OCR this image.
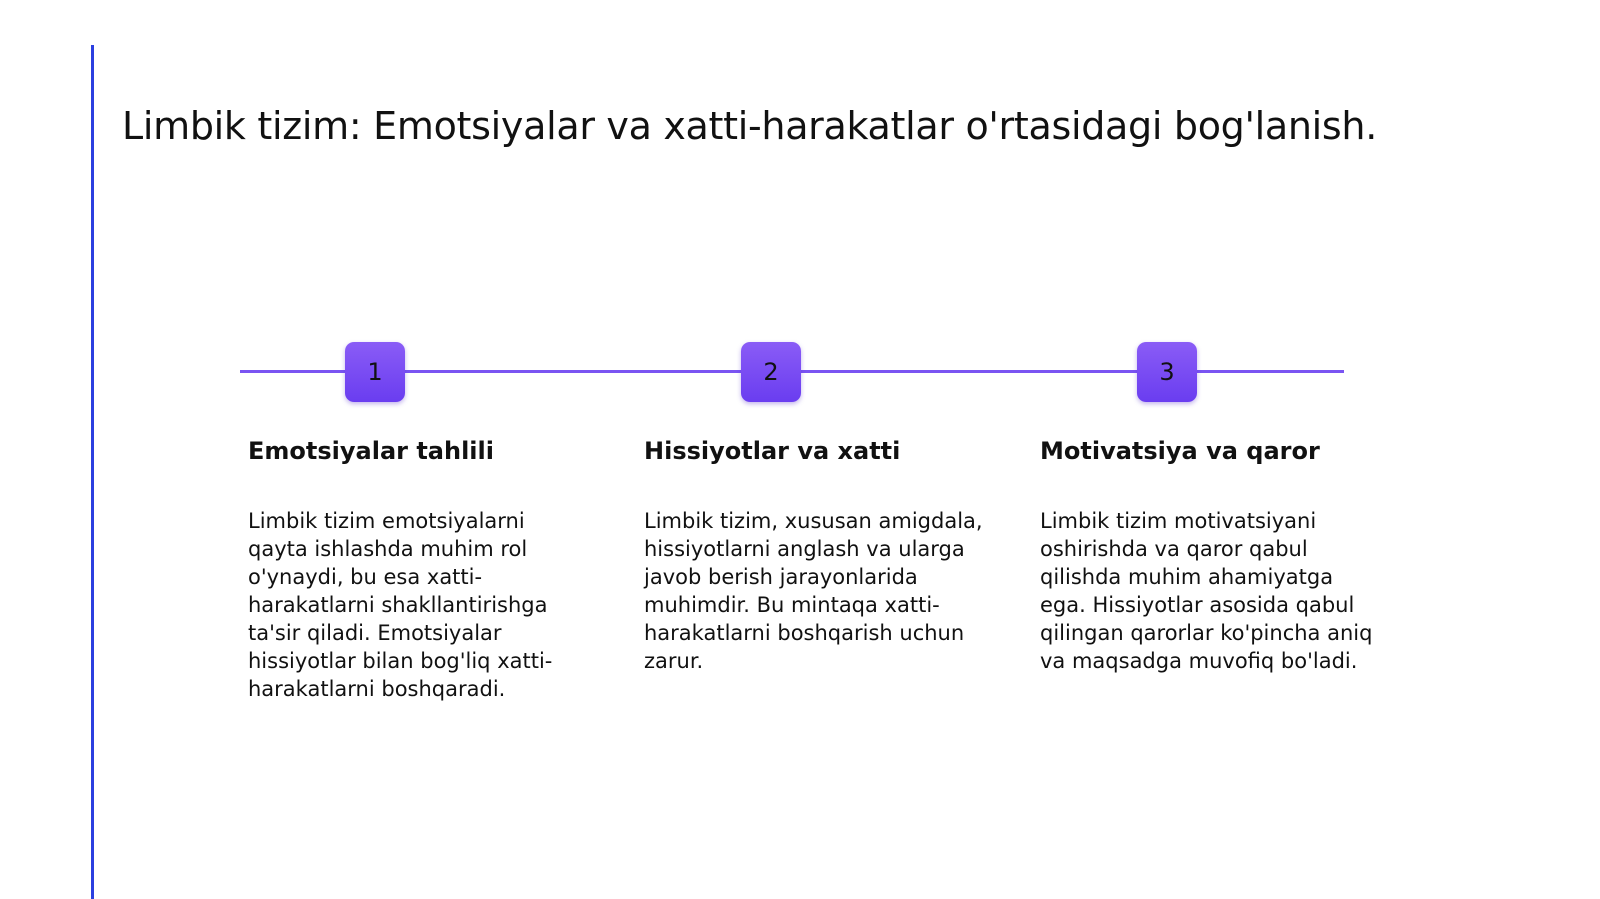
Limbik tizim: Emotsiyalar va xatti-harakatlar o'rtasidagi bog'lanish.
1	2	3
Emotsiyalar tahlili

Limbik tizim emotsiyalarni qayta ishlashda muhim rol o'ynaydi, bu esa xatti-harakatlarni shakllantirishga ta'sir qiladi. Emotsiyalar hissiyotlar bilan bog'liq xatti-harakatlarni boshqaradi.

Hissiyotlar va xatti

Limbik tizim, xususan amigdala, hissiyotlarni anglash va ularga javob berish jarayonlarida muhimdir. Bu mintaqa xatti-harakatlarni boshqarish uchun zarur.

Motivatsiya va qaror

Limbik tizim motivatsiyani oshirishda va qaror qabul qilishda muhim ahamiyatga ega. Hissiyotlar asosida qabul qilingan qarorlar ko'pincha aniq va maqsadga muvofiq bo'ladi.
